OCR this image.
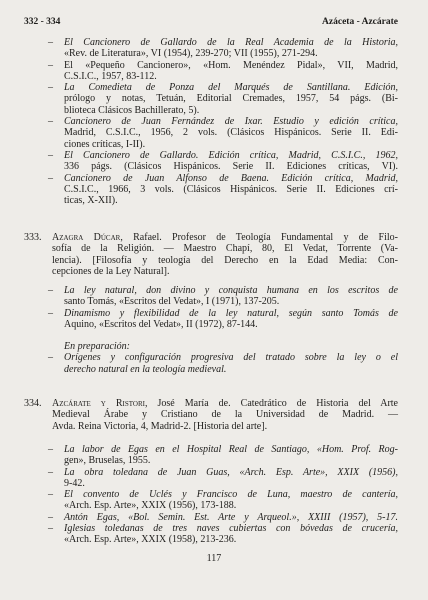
332 - 334	Azáceta - Azcárate
– El Cancionero de Gallardo de la Real Academia de la Historia,
«Rev. de Literatura», VI (1954), 239-270; VII (1955), 271-294.
– El «Pequeño Cancionero», «Hom. Menéndez Pidal», VII, Madrid,
C.S.I.C., 1957, 83-112.
– La Comedieta de Ponza del Marqués de Santillana. Edición,
prólogo y notas, Tetuán, Editorial Cremades, 1957, 54 págs. (Bi-
blioteca Clásicos Bachillerato, 5).
– Cancionero de Juan Fernández de Ixar. Estudio y edición crítica,
Madrid, C.S.I.C., 1956, 2 vols. (Clásicos Hispánicos. Serie II. Edi-
ciones críticas, I-II).
– El Cancionero de Gallardo. Edición crítica, Madrid, C.S.I.C., 1962,
336 págs. (Clásicos Hispánicos. Serie II. Ediciones críticas, VI).
– Cancionero de Juan Alfonso de Baena. Edición crítica, Madrid,
C.S.I.C., 1966, 3 vols. (Clásicos Hispánicos. Serie II. Ediciones crí-
ticas, X-XII).
333. Azagra Dúcar, Rafael. Profesor de Teología Fundamental y de Filo-
sofía de la Religión. — Maestro Chapí, 80, El Vedat, Torrente (Va-
lencia). [Filosofía y teología del Derecho en la Edad Media: Con-
cepciones de la Ley Natural].
– La ley natural, don divino y conquista humana en los escritos de
santo Tomás, «Escritos del Vedat», I (1971), 137-205.
– Dinamismo y flexibilidad de la ley natural, según santo Tomás de
Aquino, «Escritos del Vedat», II (1972), 87-144.
En preparación:
– Orígenes y configuración progresiva del tratado sobre la ley o el
derecho natural en la teología medieval.
334. Azcárate y Ristori, José María de. Catedrático de Historia del Arte
Medieval Árabe y Cristiano de la Universidad de Madrid. —
Avda. Reina Victoria, 4, Madrid-2. [Historia del arte].
– La labor de Egas en el Hospital Real de Santiago, «Hom. Prof. Rog-
gen», Bruselas, 1955.
– La obra toledana de Juan Guas, «Arch. Esp. Arte», XXIX (1956),
9-42.
– El convento de Uclés y Francisco de Luna, maestro de cantería,
«Arch. Esp. Arte», XXIX (1956), 173-188.
– Antón Egas, «Bol. Semin. Est. Arte y Arqueol.», XXIII (1957), 5-17.
– Iglesias toledanas de tres naves cubiertas con bóvedas de crucería,
«Arch. Esp. Arte», XXIX (1958), 213-236.
117
